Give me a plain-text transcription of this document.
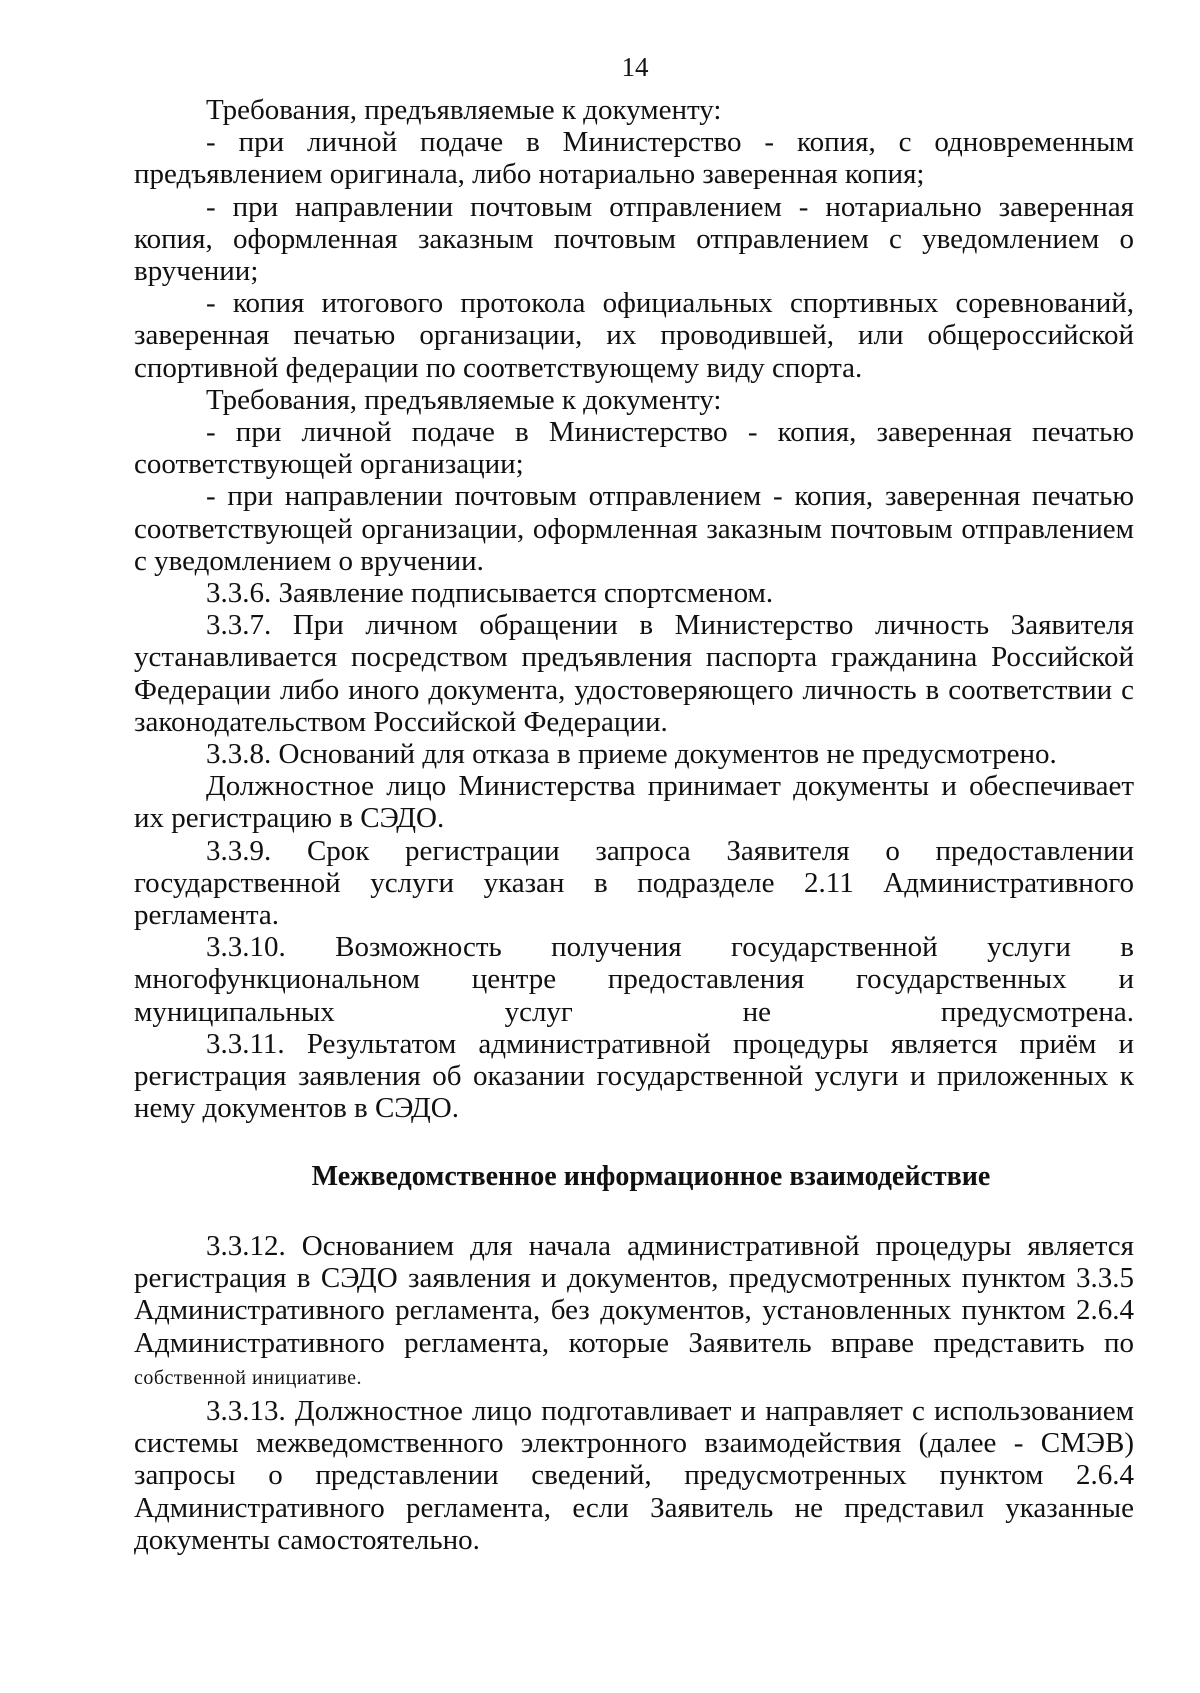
14

Требования, предъявляемые к документу:

- при личной подаче в Министерство - копия, с одновременным предъявлением оригинала, либо нотариально заверенная копия;

- при направлении почтовым отправлением - нотариально заверенная копия, оформленная заказным почтовым отправлением с уведомлением о вручении;

- копия итогового протокола официальных спортивных соревнований, заверенная печатью организации, их проводившей, или общероссийской спортивной федерации по соответствующему виду спорта.

Требования, предъявляемые к документу:

- при личной подаче в Министерство - копия, заверенная печатью соответствующей организации;

- при направлении почтовым отправлением - копия, заверенная печатью соответствующей организации, оформленная заказным почтовым отправлением с уведомлением о вручении.

3.3.6. Заявление подписывается спортсменом.

3.3.7. При личном обращении в Министерство личность Заявителя устанавливается посредством предъявления паспорта гражданина Российской Федерации либо иного документа, удостоверяющего личность в соответствии с законодательством Российской Федерации.

3.3.8. Оснований для отказа в приеме документов не предусмотрено.

Должностное лицо Министерства принимает документы и обеспечивает их регистрацию в СЭДО.

3.3.9. Срок регистрации запроса Заявителя о предоставлении государственной услуги указан в подразделе 2.11 Административного регламента.

3.3.10. Возможность получения государственной услуги в многофункциональном центре предоставления государственных и муниципальных услуг не предусмотрена.

3.3.11. Результатом административной процедуры является приём и регистрация заявления об оказании государственной услуги и приложенных к нему документов в СЭДО.

Межведомственное информационное взаимодействие

3.3.12. Основанием для начала административной процедуры является регистрация в СЭДО заявления и документов, предусмотренных пунктом 3.3.5 Административного регламента, без документов, установленных пунктом 2.6.4 Административного регламента, которые Заявитель вправе представить по собственной инициативе.

3.3.13. Должностное лицо подготавливает и направляет с использованием системы межведомственного электронного взаимодействия (далее - СМЭВ) запросы о представлении сведений, предусмотренных пунктом 2.6.4 Административного регламента, если Заявитель не представил указанные документы самостоятельно.
